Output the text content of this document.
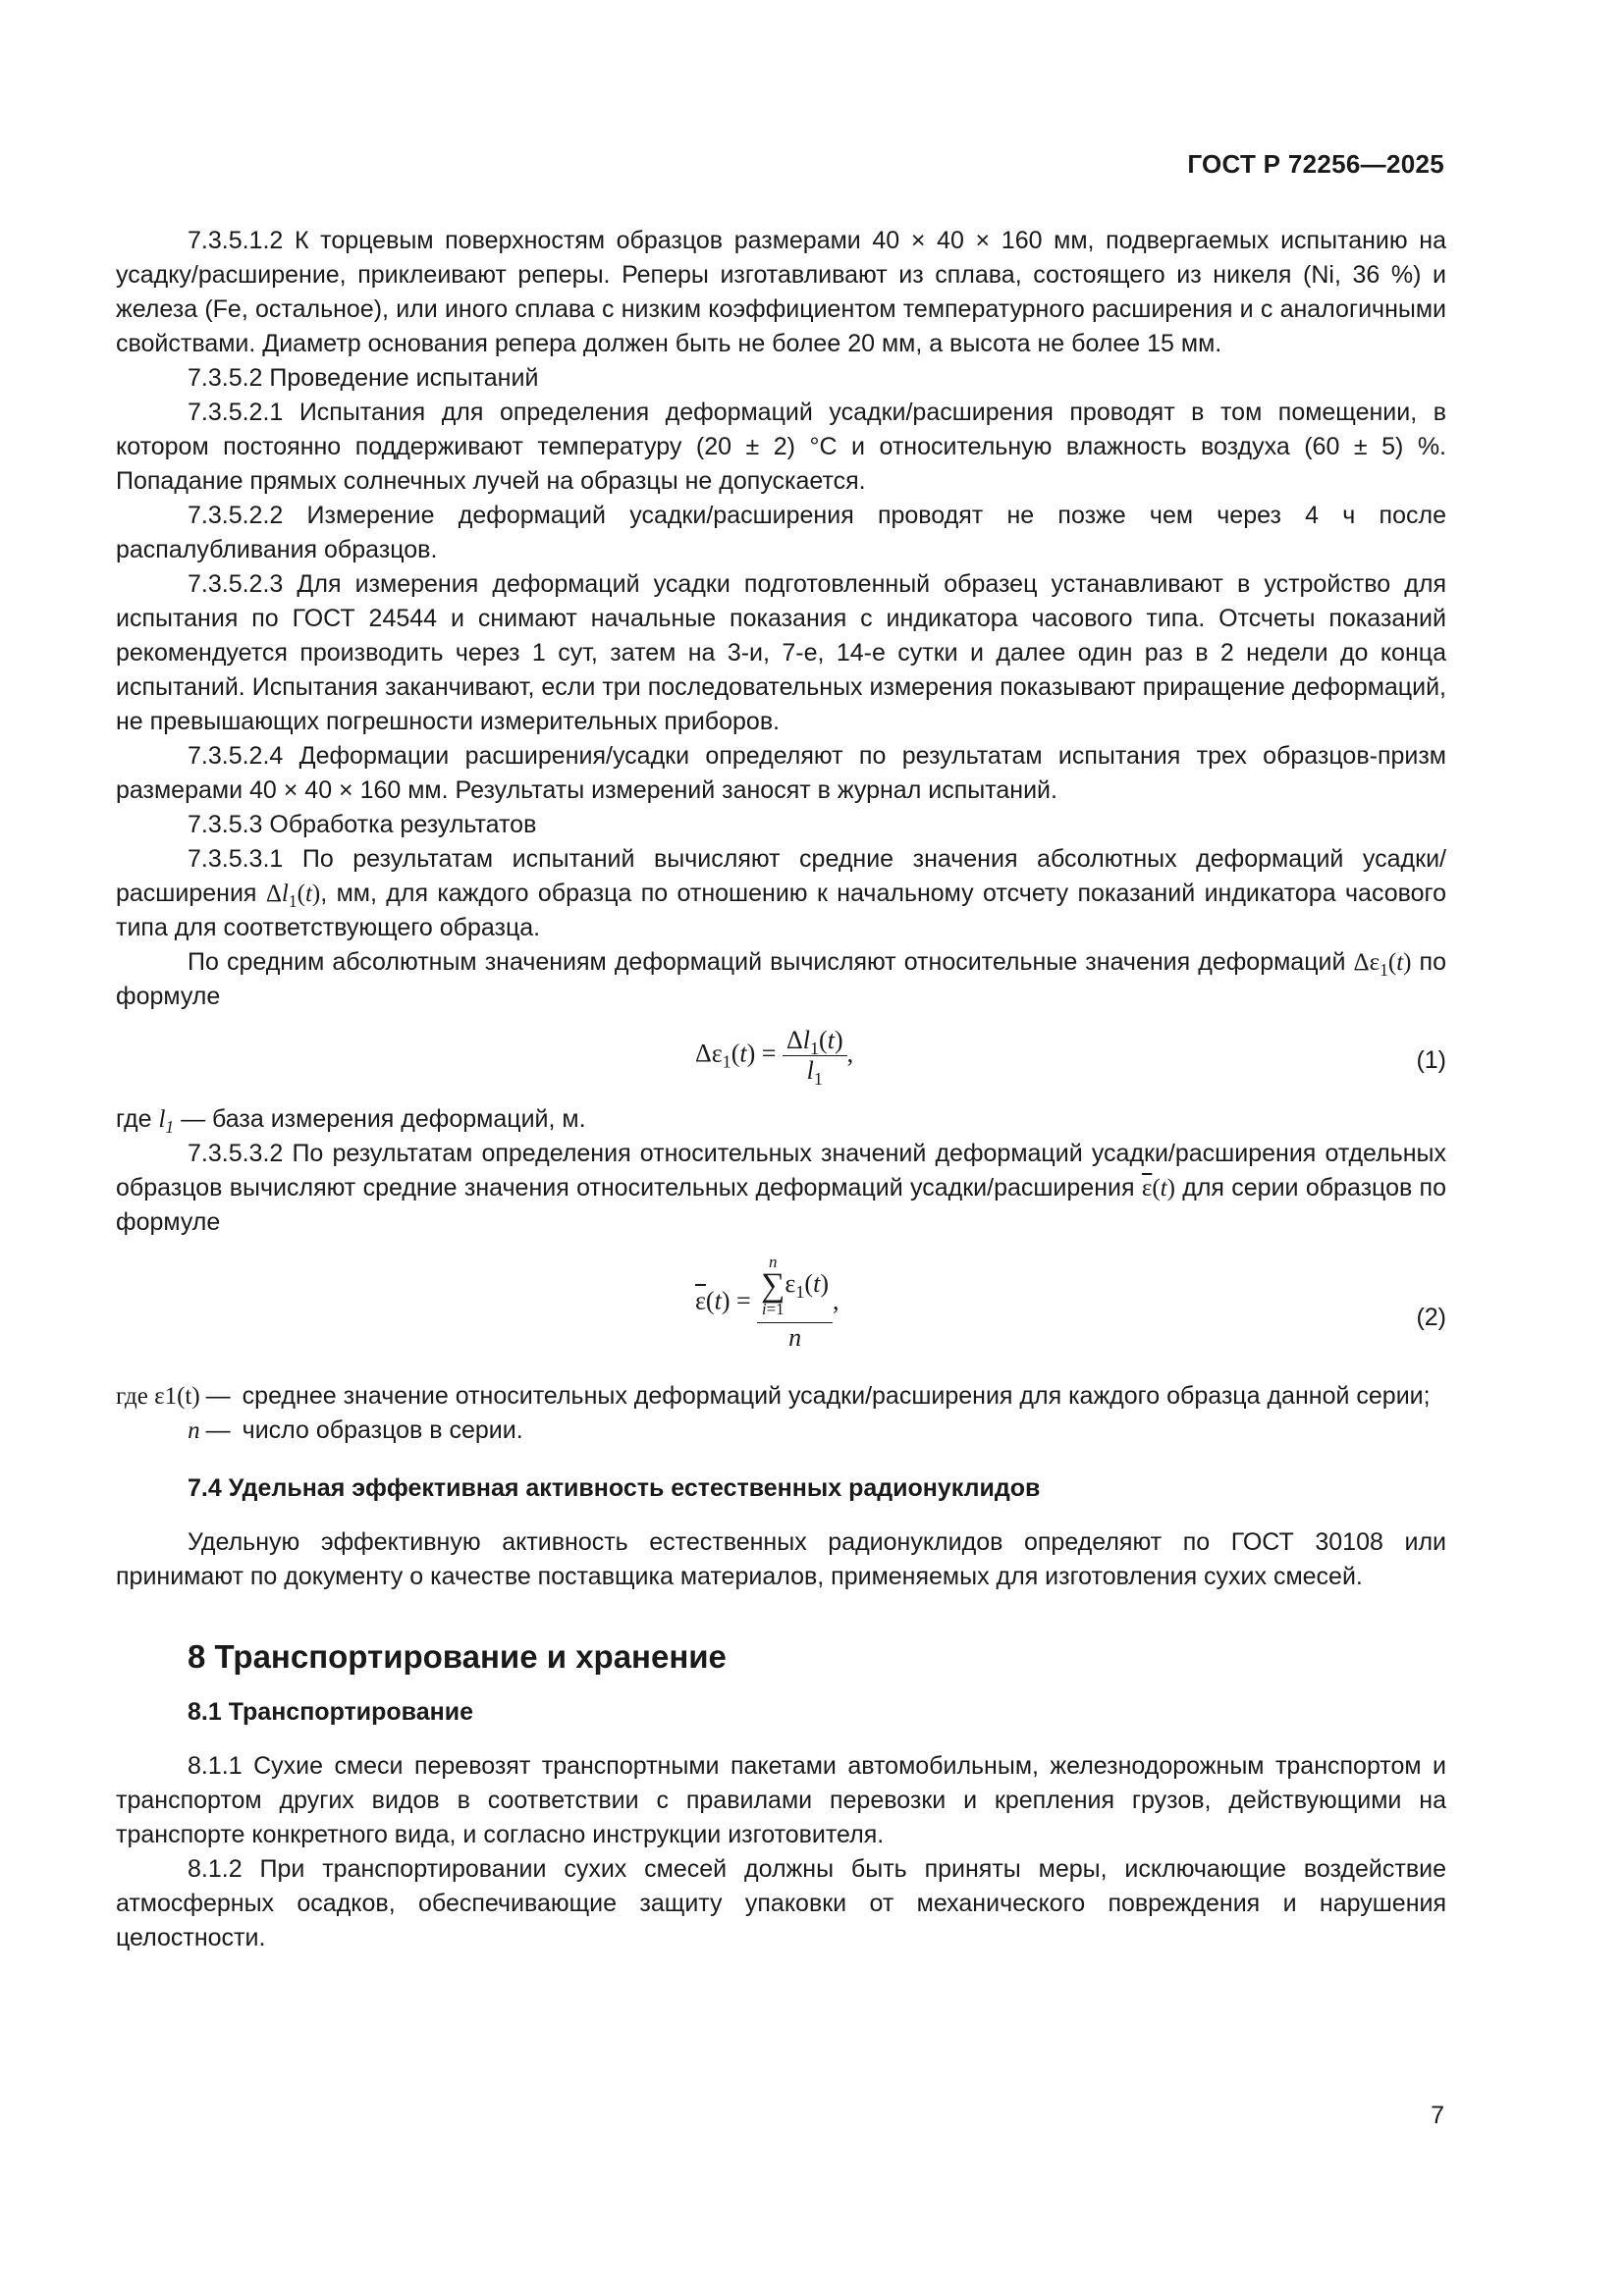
ГОСТ Р 72256—2025

7.3.5.1.2 К торцевым поверхностям образцов размерами 40 × 40 × 160 мм, подвергаемых испытанию на усадку/расширение, приклеивают реперы. Реперы изготавливают из сплава, состоящего из никеля (Ni, 36 %) и железа (Fe, остальное), или иного сплава с низким коэффициентом температурного расширения и с аналогичными свойствами. Диаметр основания репера должен быть не более 20 мм, а высота не более 15 мм.

7.3.5.2 Проведение испытаний

7.3.5.2.1 Испытания для определения деформаций усадки/расширения проводят в том помещении, в котором постоянно поддерживают температуру (20 ± 2) °С и относительную влажность воздуха (60 ± 5) %. Попадание прямых солнечных лучей на образцы не допускается.

7.3.5.2.2 Измерение деформаций усадки/расширения проводят не позже чем через 4 ч после распалубливания образцов.

7.3.5.2.3 Для измерения деформаций усадки подготовленный образец устанавливают в устройство для испытания по ГОСТ 24544 и снимают начальные показания с индикатора часового типа. Отсчеты показаний рекомендуется производить через 1 сут, затем на 3-и, 7-е, 14-е сутки и далее один раз в 2 недели до конца испытаний. Испытания заканчивают, если три последовательных измерения показывают приращение деформаций, не превышающих погрешности измерительных приборов.

7.3.5.2.4 Деформации расширения/усадки определяют по результатам испытания трех образцов-призм размерами 40 × 40 × 160 мм. Результаты измерений заносят в журнал испытаний.

7.3.5.3 Обработка результатов

7.3.5.3.1 По результатам испытаний вычисляют средние значения абсолютных деформаций усадки/расширения $\Delta l_1(t)$, мм, для каждого образца по отношению к начальному отсчету показаний индикатора часового типа для соответствующего образца.

По средним абсолютным значениям деформаций вычисляют относительные значения деформаций $\Delta\varepsilon_1(t)$ по формуле

$\Delta\varepsilon_1(t) = \frac{\Delta l_1(t)}{l_1}$ ,	(1)

где $l_1$ — база измерения деформаций, м.

7.3.5.3.2 По результатам определения относительных значений деформаций усадки/расширения отдельных образцов вычисляют средние значения относительных деформаций усадки/расширения $\overline{\varepsilon}(t)$ для серии образцов по формуле

$\overline{\varepsilon}(t) = n$
∑
i=1
$\varepsilon_1(t)$
n ,
(2)
где ε1(t)	—	среднее значение относительных деформаций усадки/расширения для каждого образца данной серии;
n	—	число образцов в серии.
7.4 Удельная эффективная активность естественных радионуклидов

Удельную эффективную активность естественных радионуклидов определяют по ГОСТ 30108 или принимают по документу о качестве поставщика материалов, применяемых для изготовления сухих смесей.

8 Транспортирование и хранение
8.1 Транспортирование

8.1.1 Сухие смеси перевозят транспортными пакетами автомобильным, железнодорожным транспортом и транспортом других видов в соответствии с правилами перевозки и крепления грузов, действующими на транспорте конкретного вида, и согласно инструкции изготовителя.

8.1.2 При транспортировании сухих смесей должны быть приняты меры, исключающие воздействие атмосферных осадков, обеспечивающие защиту упаковки от механического повреждения и нарушения целостности.

7
